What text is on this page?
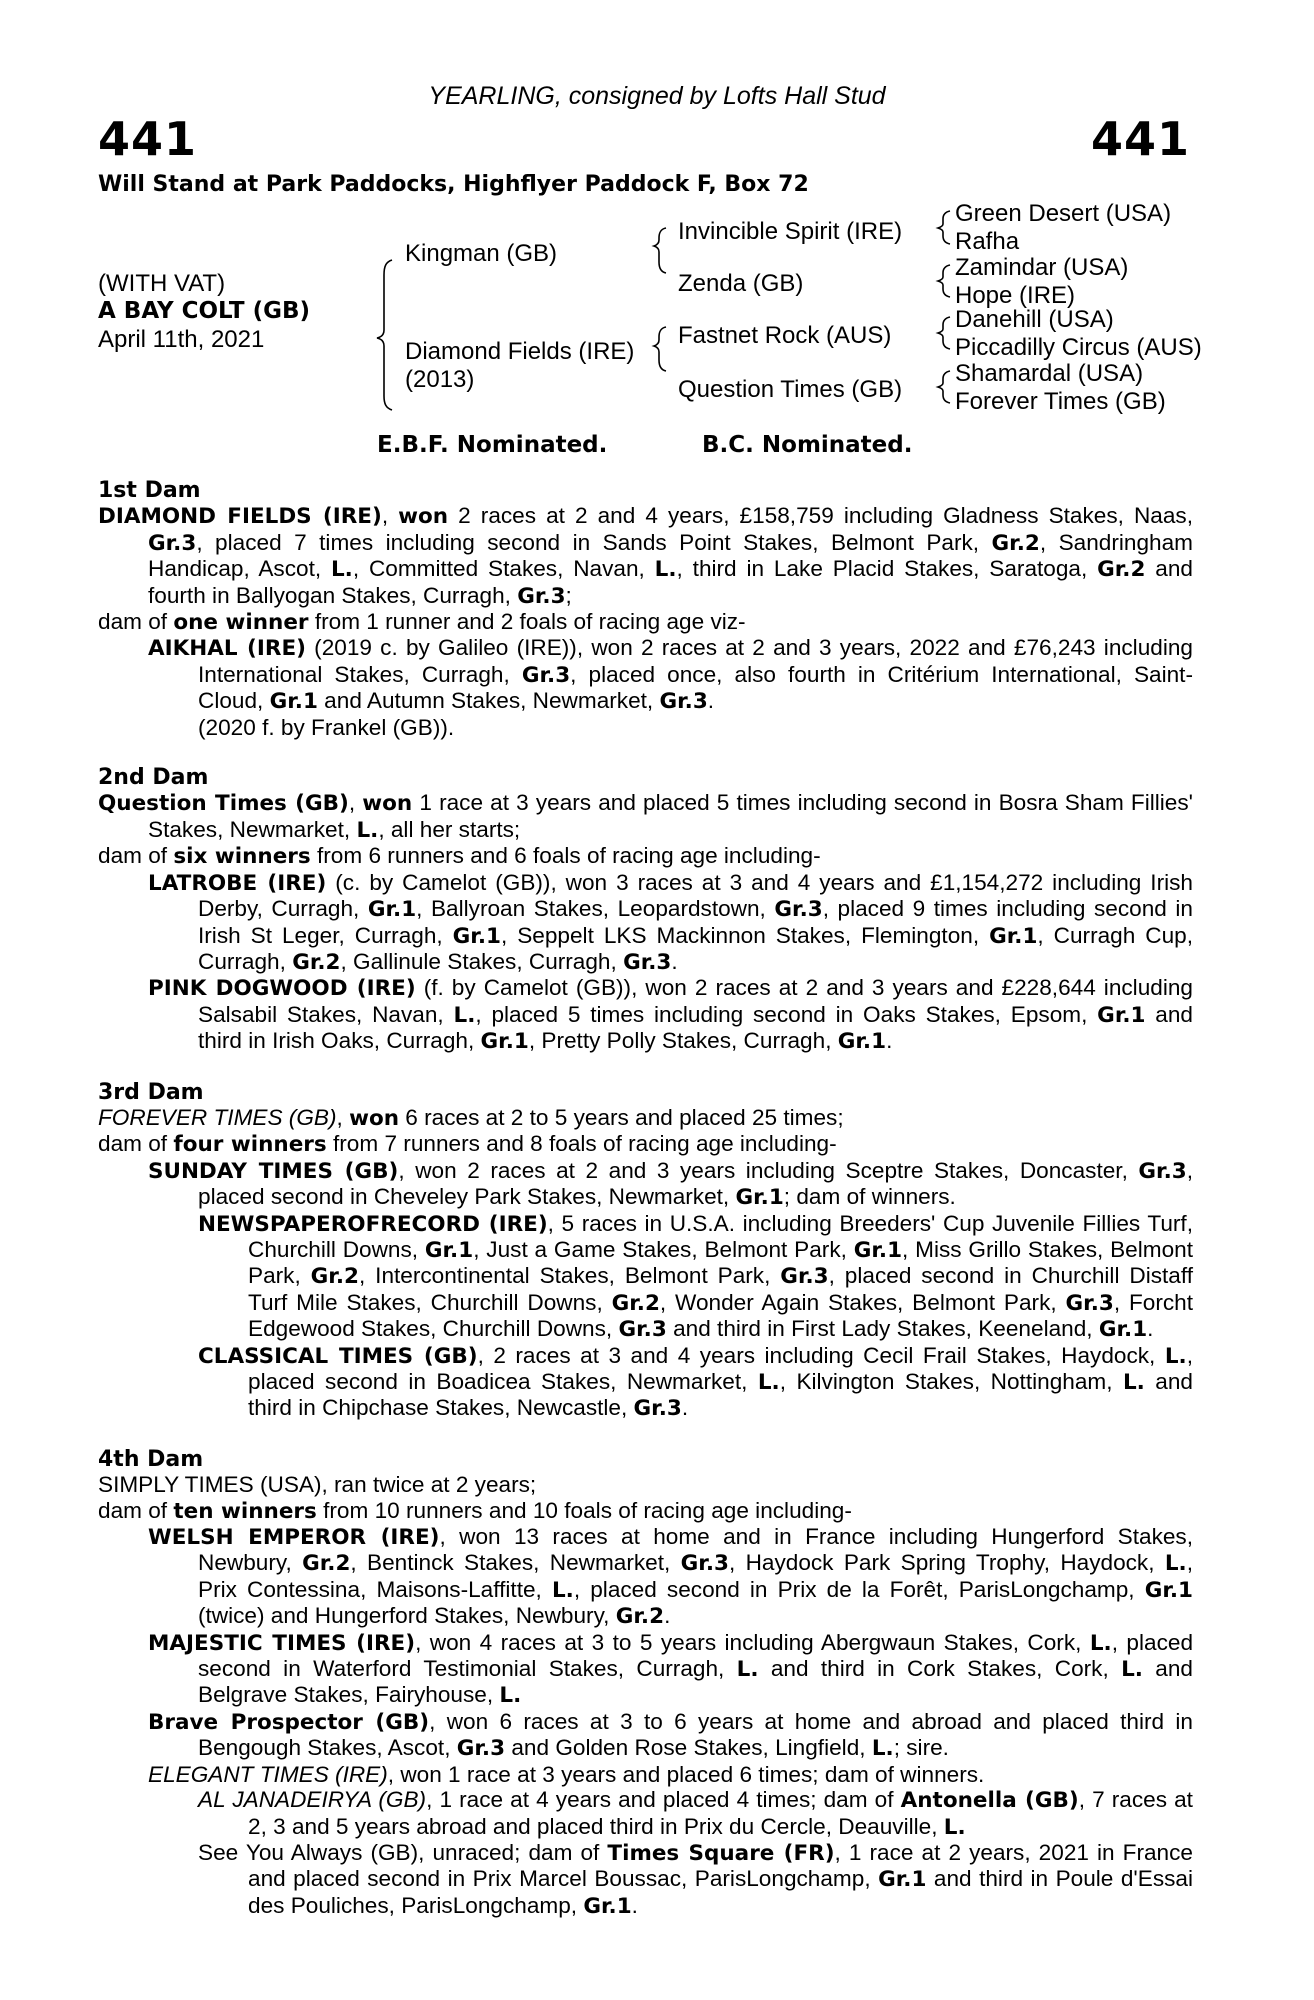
YEARLING, consigned by Lofts Hall Stud
441	441
Will Stand at Park Paddocks, Highflyer Paddock F, Box 72
(WITH VAT)
A BAY COLT (GB)
April 11th, 2021
Kingman (GB)
Diamond Fields (IRE)
(2013)
Invincible Spirit (IRE)
Zenda (GB)
Fastnet Rock (AUS)
Question Times (GB)
Green Desert (USA)
Rafha
Zamindar (USA)
Hope (IRE)
Danehill (USA)
Piccadilly Circus (AUS)
Shamardal (USA)
Forever Times (GB)
E.B.F. Nominated.	B.C. Nominated.
1st Dam
DIAMOND FIELDS (IRE), won 2 races at 2 and 4 years, £158,759 including Gladness Stakes, Naas, Gr.3, placed 7 times including second in Sands Point Stakes, Belmont Park, Gr.2, Sandringham Handicap, Ascot, L., Committed Stakes, Navan, L., third in Lake Placid Stakes, Saratoga, Gr.2 and fourth in Ballyogan Stakes, Curragh, Gr.3;
dam of one winner from 1 runner and 2 foals of racing age viz-
AIKHAL (IRE) (2019 c. by Galileo (IRE)), won 2 races at 2 and 3 years, 2022 and £76,243 including International Stakes, Curragh, Gr.3, placed once, also fourth in Critérium International, Saint-Cloud, Gr.1 and Autumn Stakes, Newmarket, Gr.3.
(2020 f. by Frankel (GB)).
2nd Dam
Question Times (GB), won 1 race at 3 years and placed 5 times including second in Bosra Sham Fillies' Stakes, Newmarket, L., all her starts;
dam of six winners from 6 runners and 6 foals of racing age including-
LATROBE (IRE) (c. by Camelot (GB)), won 3 races at 3 and 4 years and £1,154,272 including Irish Derby, Curragh, Gr.1, Ballyroan Stakes, Leopardstown, Gr.3, placed 9 times including second in Irish St Leger, Curragh, Gr.1, Seppelt LKS Mackinnon Stakes, Flemington, Gr.1, Curragh Cup, Curragh, Gr.2, Gallinule Stakes, Curragh, Gr.3.
PINK DOGWOOD (IRE) (f. by Camelot (GB)), won 2 races at 2 and 3 years and £228,644 including Salsabil Stakes, Navan, L., placed 5 times including second in Oaks Stakes, Epsom, Gr.1 and third in Irish Oaks, Curragh, Gr.1, Pretty Polly Stakes, Curragh, Gr.1.
3rd Dam
FOREVER TIMES (GB), won 6 races at 2 to 5 years and placed 25 times;
dam of four winners from 7 runners and 8 foals of racing age including-
SUNDAY TIMES (GB), won 2 races at 2 and 3 years including Sceptre Stakes, Doncaster, Gr.3, placed second in Cheveley Park Stakes, Newmarket, Gr.1; dam of winners.
NEWSPAPEROFRECORD (IRE), 5 races in U.S.A. including Breeders' Cup Juvenile Fillies Turf, Churchill Downs, Gr.1, Just a Game Stakes, Belmont Park, Gr.1, Miss Grillo Stakes, Belmont Park, Gr.2, Intercontinental Stakes, Belmont Park, Gr.3, placed second in Churchill Distaff Turf Mile Stakes, Churchill Downs, Gr.2, Wonder Again Stakes, Belmont Park, Gr.3, Forcht Edgewood Stakes, Churchill Downs, Gr.3 and third in First Lady Stakes, Keeneland, Gr.1.
CLASSICAL TIMES (GB), 2 races at 3 and 4 years including Cecil Frail Stakes, Haydock, L., placed second in Boadicea Stakes, Newmarket, L., Kilvington Stakes, Nottingham, L. and third in Chipchase Stakes, Newcastle, Gr.3.
4th Dam
SIMPLY TIMES (USA), ran twice at 2 years;
dam of ten winners from 10 runners and 10 foals of racing age including-
WELSH EMPEROR (IRE), won 13 races at home and in France including Hungerford Stakes, Newbury, Gr.2, Bentinck Stakes, Newmarket, Gr.3, Haydock Park Spring Trophy, Haydock, L., Prix Contessina, Maisons-Laffitte, L., placed second in Prix de la Forêt, ParisLongchamp, Gr.1 (twice) and Hungerford Stakes, Newbury, Gr.2.
MAJESTIC TIMES (IRE), won 4 races at 3 to 5 years including Abergwaun Stakes, Cork, L., placed second in Waterford Testimonial Stakes, Curragh, L. and third in Cork Stakes, Cork, L. and Belgrave Stakes, Fairyhouse, L.
Brave Prospector (GB), won 6 races at 3 to 6 years at home and abroad and placed third in Bengough Stakes, Ascot, Gr.3 and Golden Rose Stakes, Lingfield, L.; sire.
ELEGANT TIMES (IRE), won 1 race at 3 years and placed 6 times; dam of winners.
AL JANADEIRYA (GB), 1 race at 4 years and placed 4 times; dam of Antonella (GB), 7 races at 2, 3 and 5 years abroad and placed third in Prix du Cercle, Deauville, L.
See You Always (GB), unraced; dam of Times Square (FR), 1 race at 2 years, 2021 in France and placed second in Prix Marcel Boussac, ParisLongchamp, Gr.1 and third in Poule d'Essai des Pouliches, ParisLongchamp, Gr.1.
